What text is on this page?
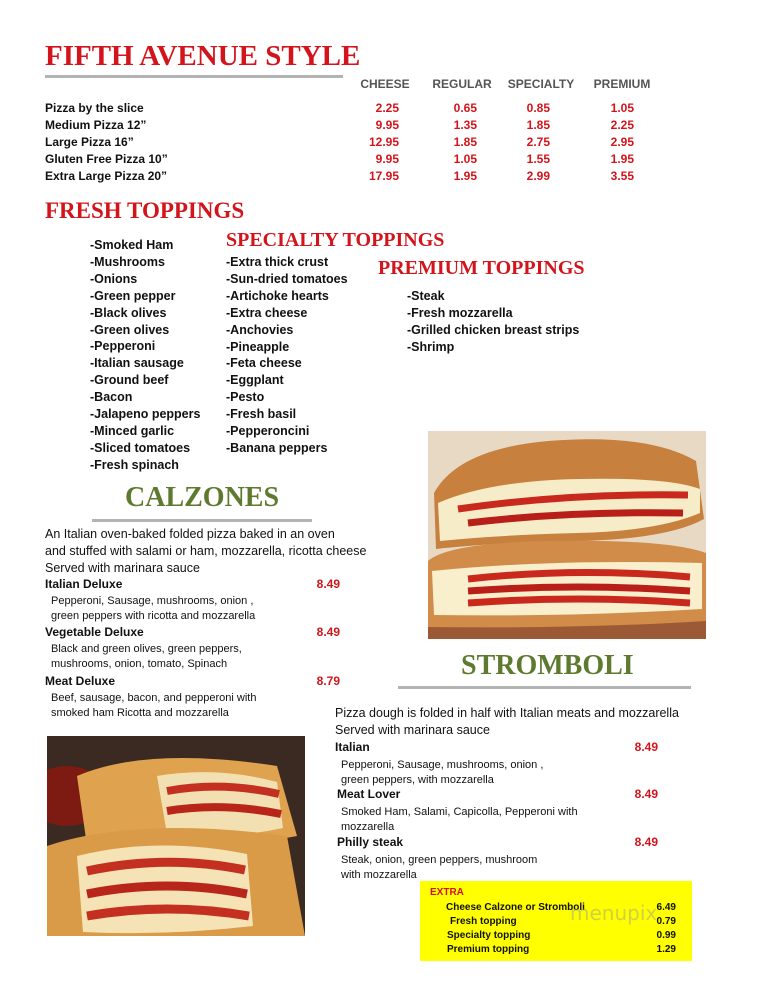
FIFTH AVENUE STYLE
CHEESE	REGULAR SPECIALTY	PREMIUM
Pizza by the slice	2.25	0.65	0.85	1.05
Medium Pizza 12”	9.95	1.35	1.85	2.25
Large Pizza 16”	12.95	1.85	2.75	2.95
Gluten Free Pizza 10”	9.95	1.05	1.55	1.95
Extra Large Pizza 20”	17.95	1.95	2.99	3.55
FRESH TOPPINGS
-Smoked Ham
-Mushrooms
-Onions
-Green pepper
-Black olives
-Green olives
-Pepperoni
-Italian sausage
-Ground beef
-Bacon
-Jalapeno peppers
-Minced garlic
-Sliced tomatoes
-Fresh spinach
SPECIALTY TOPPINGS
-Extra thick crust
-Sun-dried tomatoes
-Artichoke hearts
-Extra cheese
-Anchovies
-Pineapple
-Feta cheese
-Eggplant
-Pesto
-Fresh basil
-Pepperoncini
-Banana peppers
PREMIUM TOPPINGS
-Steak
-Fresh mozzarella
-Grilled chicken breast strips
-Shrimp
CALZONES
An Italian oven-baked folded pizza baked in an oven
and stuffed with salami or ham, mozzarella, ricotta cheese
Served with marinara sauce
Italian Deluxe	8.49
Pepperoni, Sausage, mushrooms, onion ,
green peppers with ricotta and mozzarella
Vegetable Deluxe	8.49
Black and green olives, green peppers,
mushrooms, onion, tomato, Spinach
Meat Deluxe	8.79
Beef, sausage, bacon, and pepperoni with
smoked ham Ricotta and mozzarella
STROMBOLI
Pizza dough is folded in half with Italian meats and mozzarella
Served with marinara sauce
Italian	8.49
Pepperoni, Sausage, mushrooms, onion ,
green peppers, with mozzarella
Meat Lover	8.49
Smoked Ham, Salami, Capicolla, Pepperoni with
mozzarella
Philly steak	8.49
Steak, onion, green peppers, mushroom
with mozzarella
EXTRA
Cheese Calzone or Stromboli	6.49
Fresh topping	0.79
Specialty topping	0.99
Premium topping	1.29
menupix
